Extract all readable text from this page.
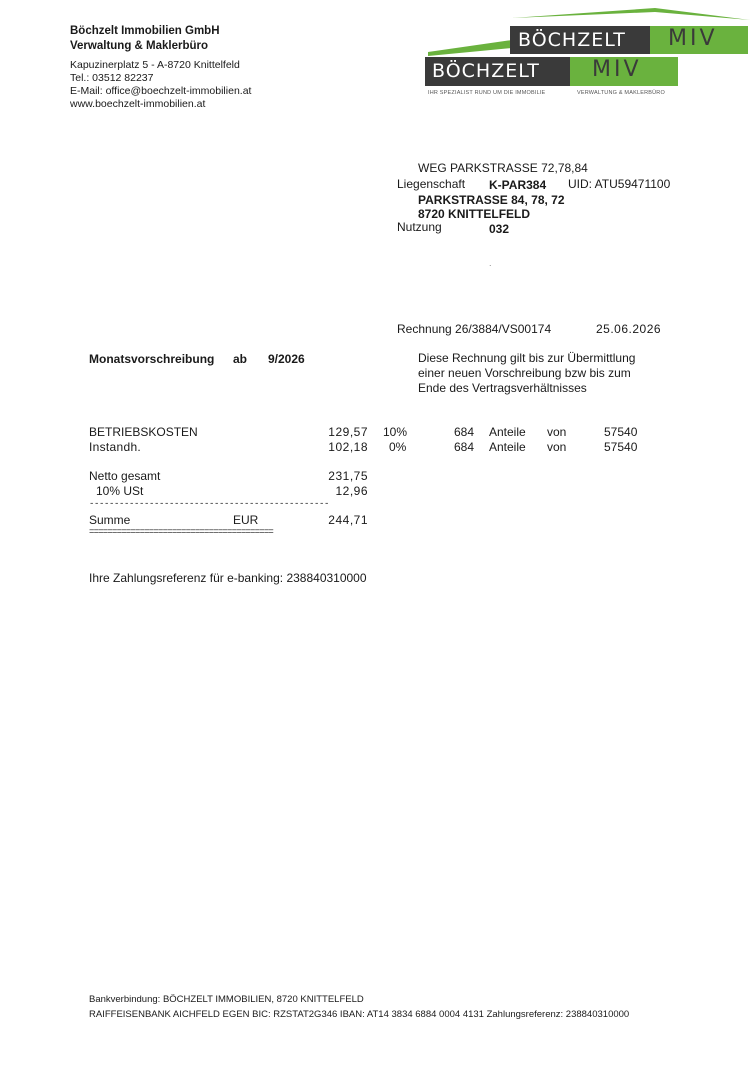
Böchzelt Immobilien GmbH
Verwaltung & Maklerbüro
Kapuzinerplatz 5 - A-8720 Knittelfeld
Tel.: 03512 82237
E-Mail: office@boechzelt-immobilien.at
www.boechzelt-immobilien.at
BÖCHZELT MIV
BÖCHZELT MIV
IHR SPEZIALIST RUND UM DIE IMMOBILIE	VERWALTUNG & MAKLERBÜRO
WEG PARKSTRASSE 72,78,84
Liegenschaft K-PAR384 UID: ATU59471100
PARKSTRASSE 84, 78, 72
8720 KNITTELFELD
Nutzung	032
.
Rechnung 26/3884/VS00174	25.06.2026
Monatsvorschreibung ab 9/2026	Diese Rechnung gilt bis zur Übermittlung
einer neuen Vorschreibung bzw bis zum
Ende des Vertragsverhältnisses
BETRIEBSKOSTEN	129,57 10%	684 Anteile von	57540
Instandh.	102,18 0%	684 Anteile von	57540
Netto gesamt	231,75
10% USt	12,96
------------------------------------------------
Summe	EUR	244,71
========================================
Ihre Zahlungsreferenz für e-banking: 238840310000
Bankverbindung: BÖCHZELT IMMOBILIEN, 8720 KNITTELFELD
RAIFFEISENBANK AICHFELD EGEN BIC: RZSTAT2G346 IBAN: AT14 3834 6884 0004 4131 Zahlungsreferenz: 238840310000
